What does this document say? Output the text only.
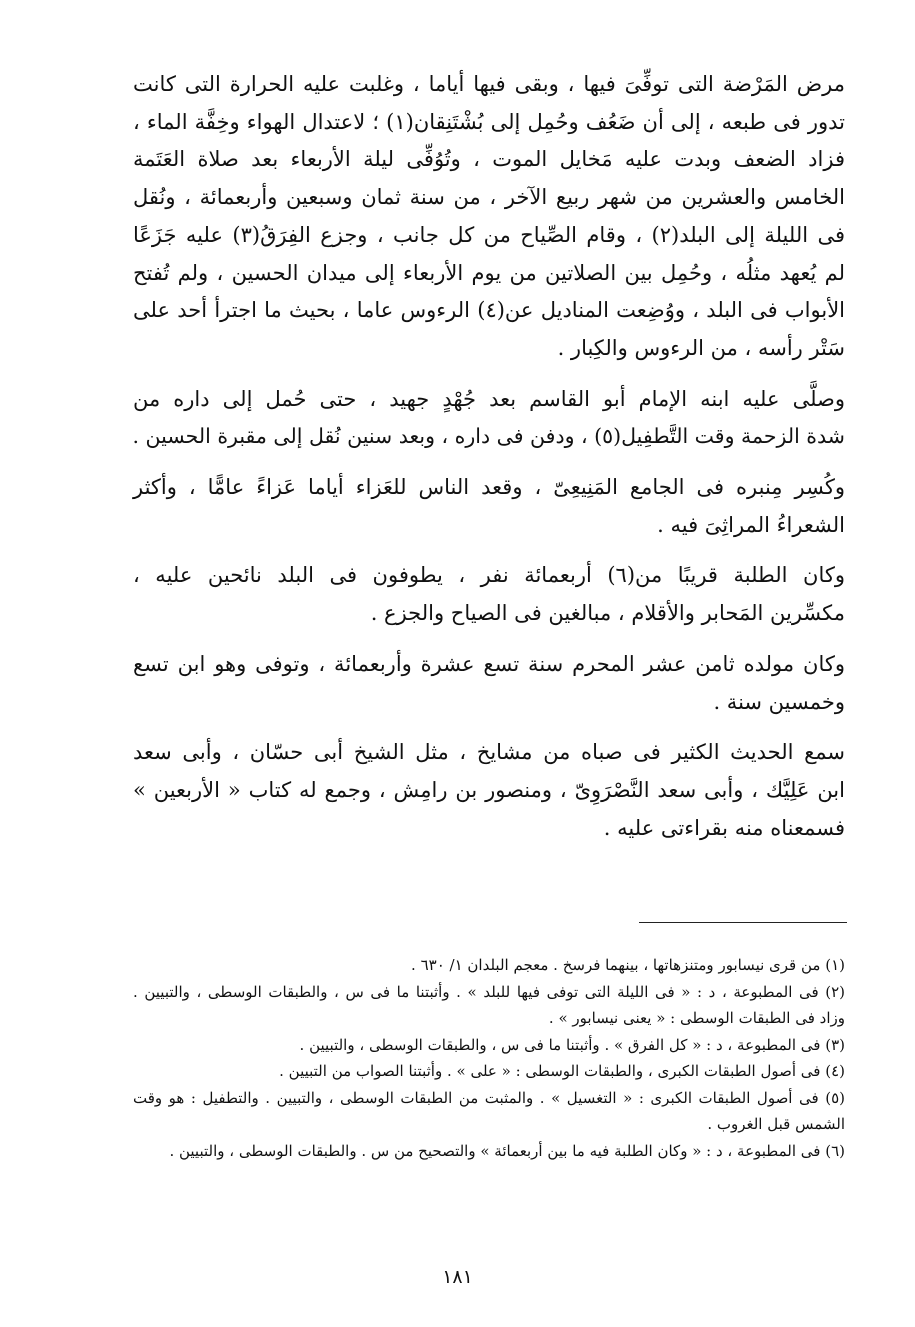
مرض المَرْضة التى توفِّىَ فيها ، وبقى فيها أياما ، وغلبت عليه الحرارة التى كانت
تدور فى طبعه ، إلى أن ضَعُف وحُمِل إلى بُشْتَنِقان(١) ؛ لاعتدال الهواء وخِفَّة الماء ،
فزاد الضعف وبدت عليه مَخايل الموت ، وتُوُفِّى ليلة الأربعاء بعد صلاة العَتَمة
الخامس والعشرين من شهر ربيع الآخر ، من سنة ثمان وسبعين وأربعمائة ، ونُقل
فى الليلة إلى البلد(٢) ، وقام الصِّياح من كل جانب ، وجزع الفِرَقُ(٣) عليه جَزَعًا
لم يُعهد مثلُه ، وحُمِل بين الصلاتين من يوم الأربعاء إلى ميدان الحسين ، ولم تُفتح
الأبواب فى البلد ، ووُضِعت المناديل عن(٤) الرءوس عاما ، بحيث ما اجترأ أحد على
سَتْر رأسه ، من الرءوس والكِبار .
وصلَّى عليه ابنه الإمام أبو القاسم بعد جُهْدٍ جهيد ، حتى حُمل إلى داره من
شدة الزحمة وقت التَّطفِيل(٥) ، ودفن فى داره ، وبعد سنين نُقل إلى مقبرة الحسين .
وكُسِر مِنبره فى الجامع المَنِيعِىّ ، وقعد الناس للعَزاء أياما عَزاءً عامًّا ، وأكثر
الشعراءُ المراثِىَ فيه .
وكان الطلبة قريبًا من(٦) أربعمائة نفر ، يطوفون فى البلد نائحين عليه ،
مكسِّرين المَحابر والأقلام ، مبالغين فى الصياح والجزع .
وكان مولده ثامن عشر المحرم سنة تسع عشرة وأربعمائة ، وتوفى وهو ابن تسع
وخمسين سنة .
سمع الحديث الكثير فى صباه من مشايخ ، مثل الشيخ أبى حسّان ، وأبى سعد
ابن عَلِيَّك ، وأبى سعد النَّصْرَوِىّ ، ومنصور بن رامِش ، وجمع له كتاب « الأربعين »
فسمعناه منه بقراءتى عليه .
(١) من قرى نيسابور ومتنزهاتها ، بينهما فرسخ . معجم البلدان ١/ ٦٣٠ .
(٢) فى المطبوعة ، د : « فى الليلة التى توفى فيها للبلد » . وأثبتنا ما فى س ، والطبقات الوسطى ، والتبيين .
وزاد فى الطبقات الوسطى : « يعنى نيسابور » .
(٣) فى المطبوعة ، د : « كل الفرق » . وأثبتنا ما فى س ، والطبقات الوسطى ، والتبيين .
(٤) فى أصول الطبقات الكبرى ، والطبقات الوسطى : « على » . وأثبتنا الصواب من التبيين .
(٥) فى أصول الطبقات الكبرى : « التغسيل » . والمثبت من الطبقات الوسطى ، والتبيين . والتطفيل : هو وقت
الشمس قبل الغروب .
(٦) فى المطبوعة ، د : « وكان الطلبة فيه ما بين أربعمائة » والتصحيح من س . والطبقات الوسطى ، والتبيين .
١٨١
